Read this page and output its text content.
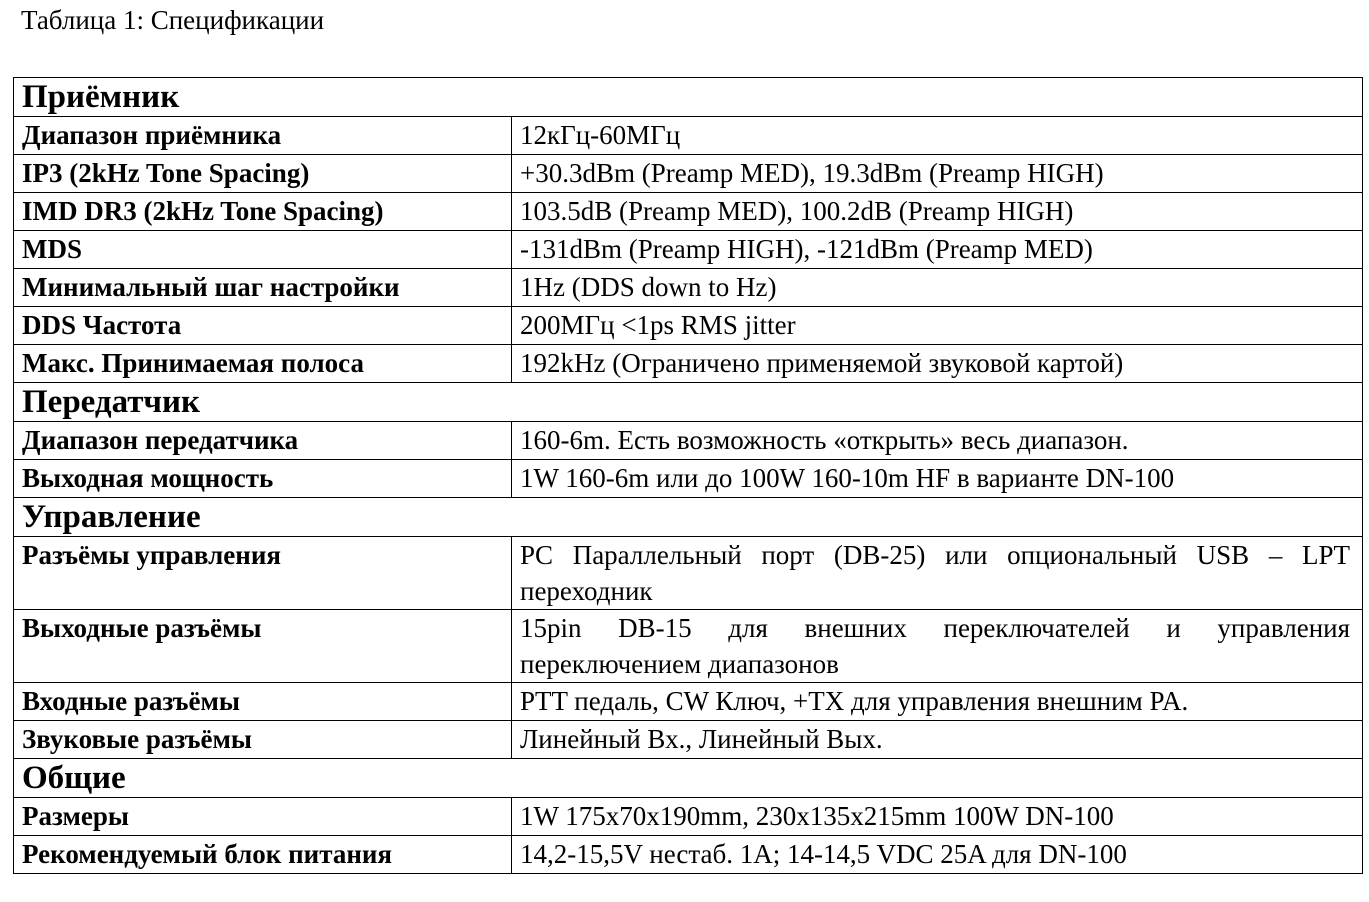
Таблица 1: Спецификации
Приёмник	
Диапазон приёмника	12кГц-60МГц
IP3 (2kHz Tone Spacing)	+30.3dBm (Preamp MED), 19.3dBm (Preamp HIGH)
IMD DR3 (2kHz Tone Spacing)	103.5dB (Preamp MED), 100.2dB (Preamp HIGH)
MDS	-131dBm (Preamp HIGH), -121dBm (Preamp MED)
Минимальный шаг настройки	1Hz (DDS down to Hz)
DDS Частота	200МГц <1ps RMS jitter
Макс. Принимаемая полоса	192kHz (Ограничено применяемой звуковой картой)
Передатчик	
Диапазон передатчика	160-6m. Есть возможность «открыть» весь диапазон.
Выходная мощность	1W 160-6m или до 100W 160-10m HF в варианте DN-100
Управление	
Разъёмы управления	PC Параллельный порт (DB-25) или опциональный USB – LPT переходник
Выходные разъёмы	15pin DB-15 для внешних переключателей и управления переключением диапазонов
Входные разъёмы	PTT педаль, CW Ключ, +TX для управления внешним PA.
Звуковые разъёмы	Линейный Вх., Линейный Вых.
Общие	
Размеры	1W 175x70x190mm, 230x135x215mm 100W DN-100
Рекомендуемый блок питания	14,2-15,5V нестаб. 1A; 14-14,5 VDC 25A для DN-100
